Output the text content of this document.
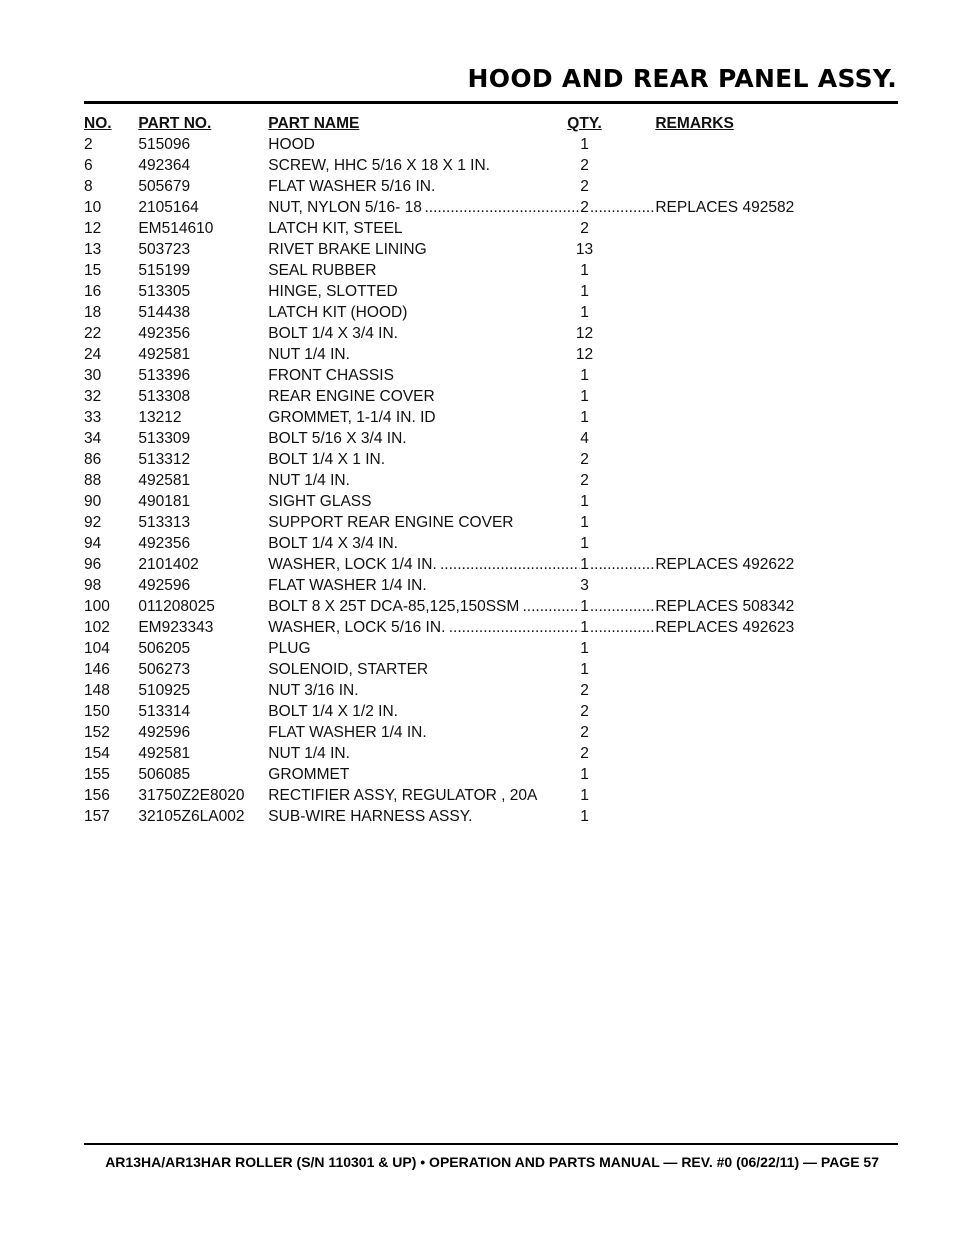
HOOD AND REAR PANEL ASSY.
NO. PART NO.	PART NAME	QTY.	REMARKS
2	515096	HOOD	1
6	492364	SCREW, HHC 5/16 X 18 X 1 IN.	2
8	505679	FLAT WASHER 5/16 IN.	2
10 2105164	NUT, NYLON 5/16- 18	2	REPLACES 492582
.....
.....
12 EM514610	LATCH KIT, STEEL	2
13 503723	RIVET BRAKE LINING	13
15 515199	SEAL RUBBER	1
16 513305	HINGE, SLOTTED	1
18 514438	LATCH KIT (HOOD)	1
22 492356	BOLT 1/4 X 3/4 IN.	12
24 492581	NUT 1/4 IN.	12
30 513396	FRONT CHASSIS	1
32 513308	REAR ENGINE COVER	1
33 13212	GROMMET, 1-1/4 IN. ID	1
34 513309	BOLT 5/16 X 3/4 IN.	4
86 513312	BOLT 1/4 X 1 IN.	2
88 492581	NUT 1/4 IN.	2
90 490181	SIGHT GLASS	1
92 513313	SUPPORT REAR ENGINE COVER	1
94 492356	BOLT 1/4 X 3/4 IN.	1
96 2101402	WASHER, LOCK 1/4 IN.	1	REPLACES 492622
.....
.....
98 492596	FLAT WASHER 1/4 IN.	3
100 011208025	BOLT 8 X 25T DCA-85,125,150SSM	1	REPLACES 508342
.....
.....
102 EM923343	WASHER, LOCK 5/16 IN.	1	REPLACES 492623
.....
.....
104 506205	PLUG	1
146 506273	SOLENOID, STARTER	1
148 510925	NUT 3/16 IN.	2
150 513314	BOLT 1/4 X 1/2 IN.	2
152 492596	FLAT WASHER 1/4 IN.	2
154 492581	NUT 1/4 IN.	2
155 506085	GROMMET	1
156 31750Z2E8020 RECTIFIER ASSY, REGULATOR , 20A	1
157 32105Z6LA002 SUB-WIRE HARNESS ASSY.	1
AR13HA/AR13HAR ROLLER (S/N 110301 & UP) • OPERATION AND PARTS MANUAL — REV. #0 (06/22/11) — PAGE 57
